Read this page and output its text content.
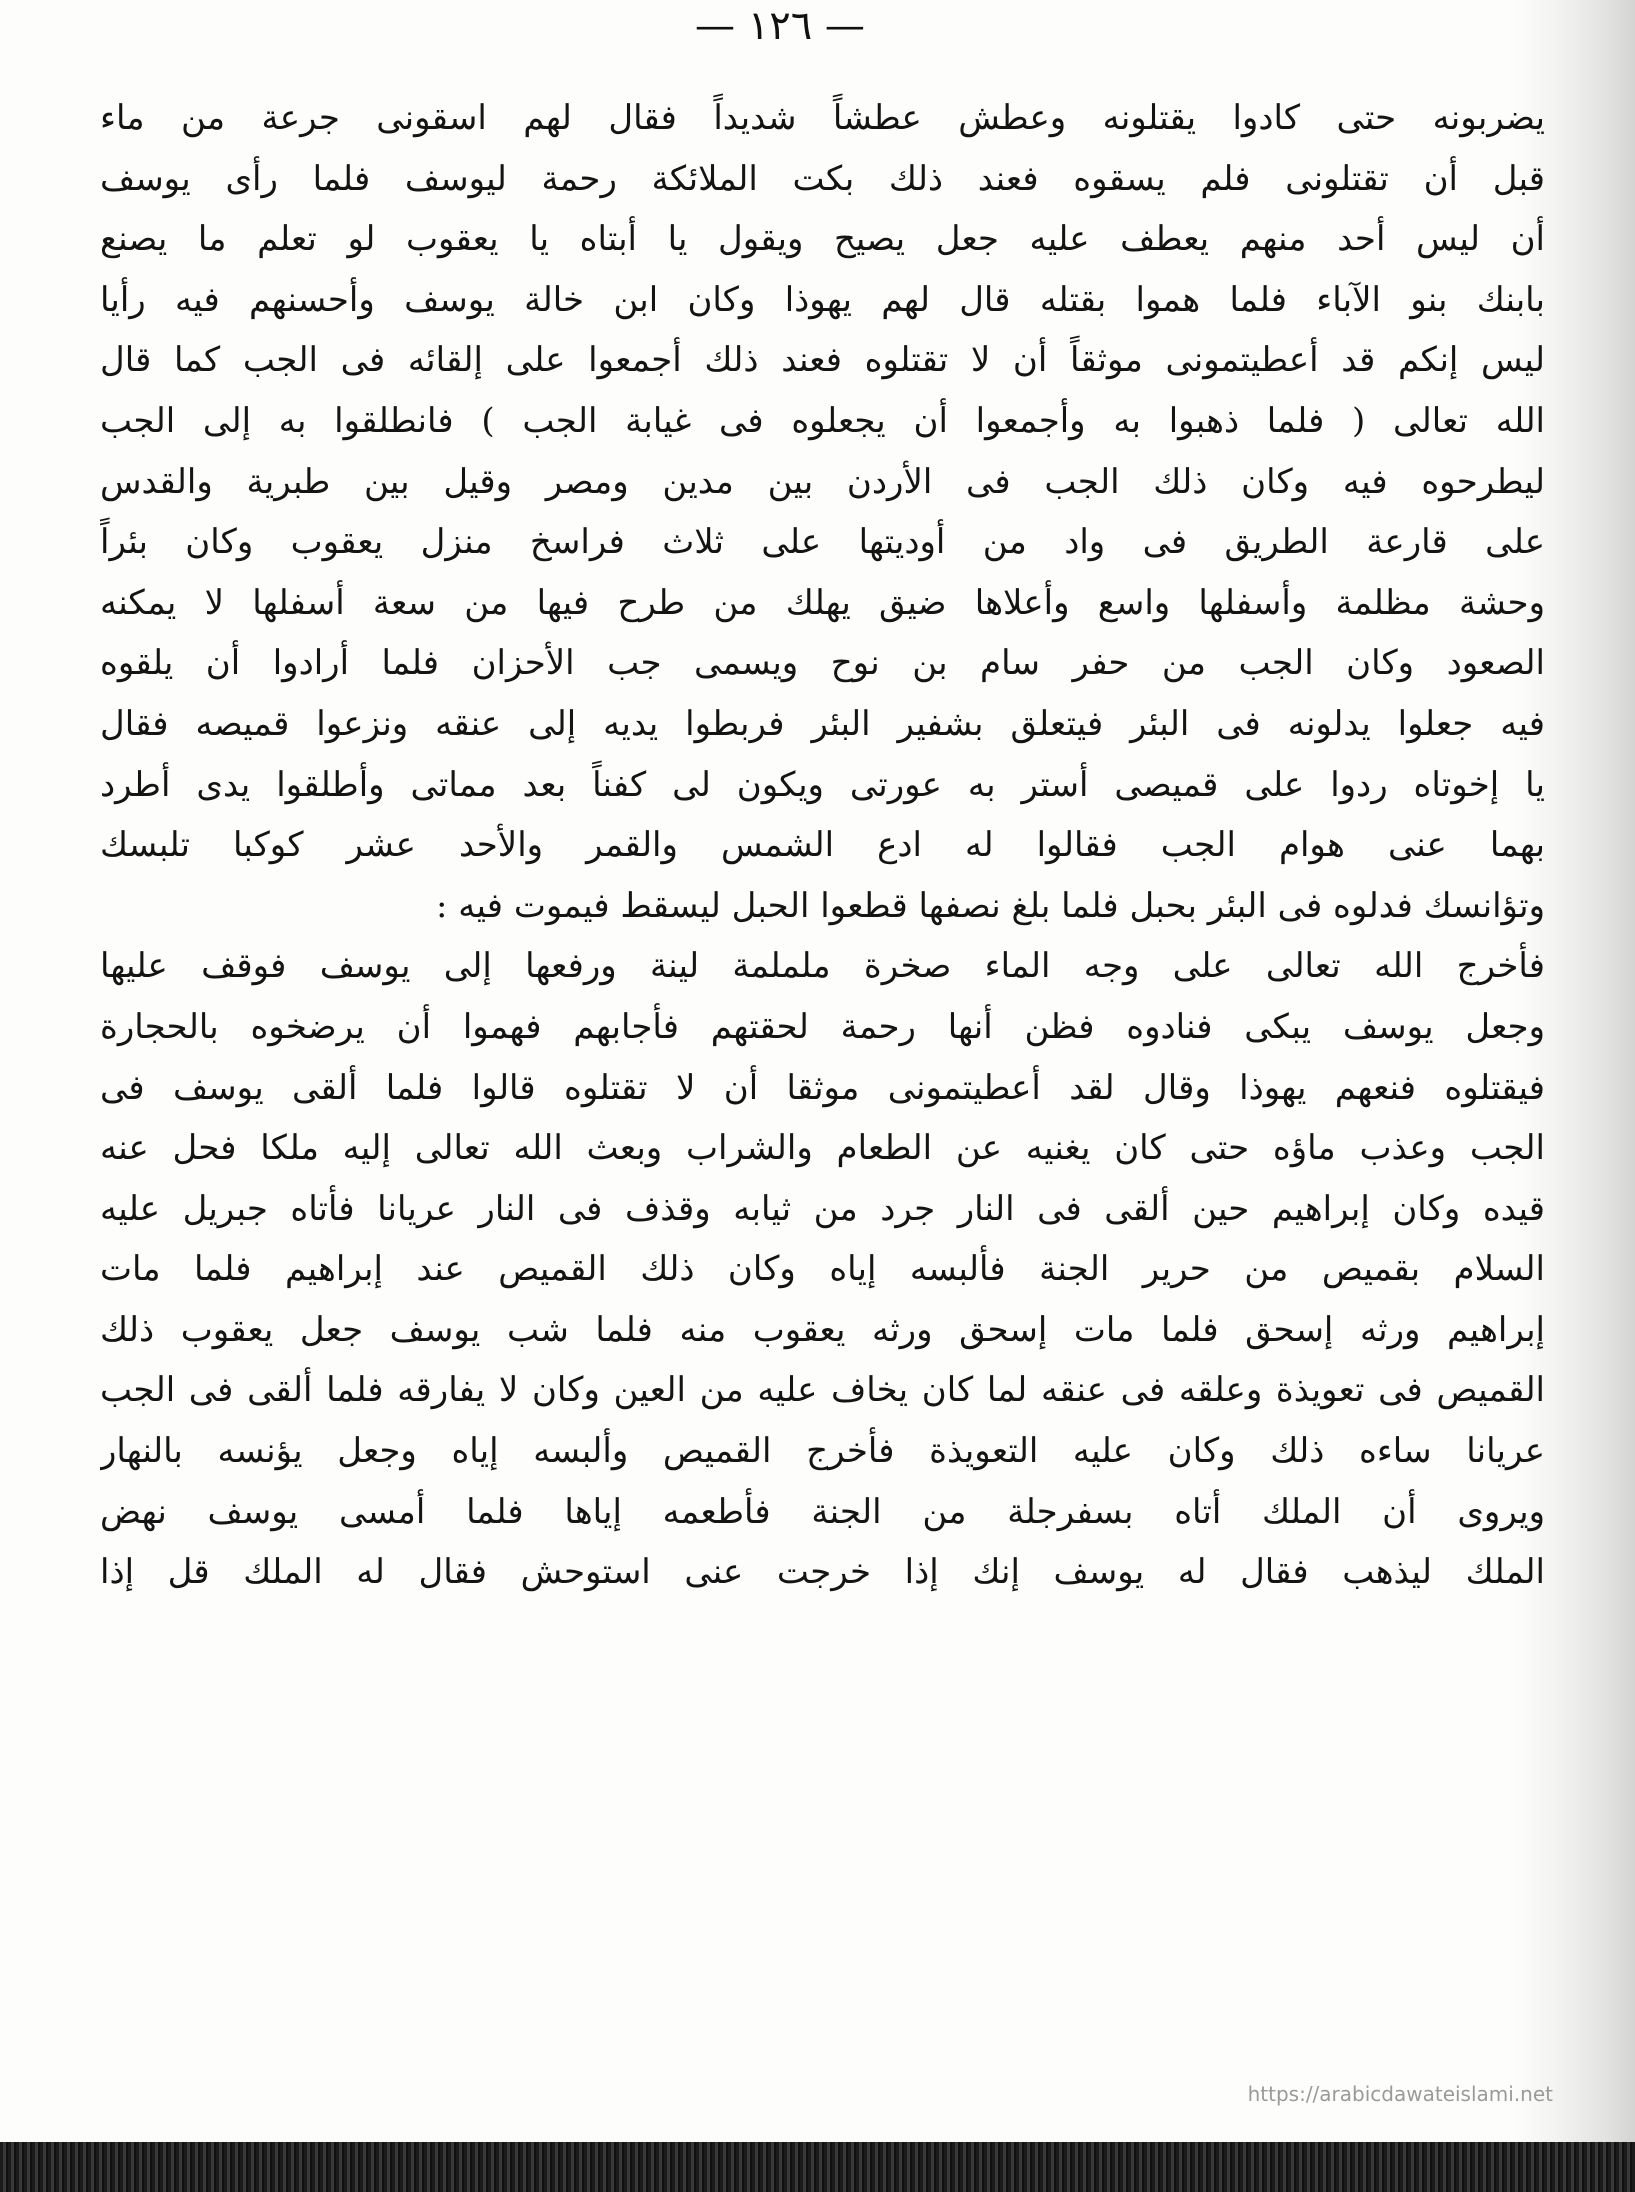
— ١٢٦ —
يضربونه حتى كادوا يقتلونه وعطش عطشاً شديداً فقال لهم اسقونى جرعة من ماء
قبل أن تقتلونى فلم يسقوه فعند ذلك بكت الملائكة رحمة ليوسف فلما رأى يوسف
أن ليس أحد منهم يعطف عليه جعل يصيح ويقول يا أبتاه يا يعقوب لو تعلم ما يصنع
بابنك بنو الآباء فلما هموا بقتله قال لهم يهوذا وكان ابن خالة يوسف وأحسنهم فيه رأيا
ليس إنكم قد أعطيتمونى موثقاً أن لا تقتلوه فعند ذلك أجمعوا على إلقائه فى الجب كما قال
الله تعالى ( فلما ذهبوا به وأجمعوا أن يجعلوه فى غيابة الجب ) فانطلقوا به إلى الجب
ليطرحوه فيه وكان ذلك الجب فى الأردن بين مدين ومصر وقيل بين طبرية والقدس
على قارعة الطريق فى واد من أوديتها على ثلاث فراسخ منزل يعقوب وكان بئراً
وحشة مظلمة وأسفلها واسع وأعلاها ضيق يهلك من طرح فيها من سعة أسفلها لا يمكنه
الصعود وكان الجب من حفر سام بن نوح ويسمى جب الأحزان فلما أرادوا أن يلقوه
فيه جعلوا يدلونه فى البئر فيتعلق بشفير البئر فربطوا يديه إلى عنقه ونزعوا قميصه فقال
يا إخوتاه ردوا على قميصى أستر به عورتى ويكون لى كفناً بعد مماتى وأطلقوا يدى أطرد
بهما عنى هوام الجب فقالوا له ادع الشمس والقمر والأحد عشر كوكبا تلبسك
وتؤانسك فدلوه فى البئر بحبل فلما بلغ نصفها قطعوا الحبل ليسقط فيموت فيه :
فأخرج الله تعالى على وجه الماء صخرة ململمة لينة ورفعها إلى يوسف فوقف عليها
وجعل يوسف يبكى فنادوه فظن أنها رحمة لحقتهم فأجابهم فهموا أن يرضخوه بالحجارة
فيقتلوه فنعهم يهوذا وقال لقد أعطيتمونى موثقا أن لا تقتلوه قالوا فلما ألقى يوسف فى
الجب وعذب ماؤه حتى كان يغنيه عن الطعام والشراب وبعث الله تعالى إليه ملكا فحل عنه
قيده وكان إبراهيم حين ألقى فى النار جرد من ثيابه وقذف فى النار عريانا فأتاه جبريل عليه
السلام بقميص من حرير الجنة فألبسه إياه وكان ذلك القميص عند إبراهيم فلما مات
إبراهيم ورثه إسحق فلما مات إسحق ورثه يعقوب منه فلما شب يوسف جعل يعقوب ذلك
القميص فى تعويذة وعلقه فى عنقه لما كان يخاف عليه من العين وكان لا يفارقه فلما ألقى فى الجب
عريانا ساءه ذلك وكان عليه التعويذة فأخرج القميص وألبسه إياه وجعل يؤنسه بالنهار
ويروى أن الملك أتاه بسفرجلة من الجنة فأطعمه إياها فلما أمسى يوسف نهض
الملك ليذهب فقال له يوسف إنك إذا خرجت عنى استوحش فقال له الملك قل إذا
https://arabicdawateislami.net
